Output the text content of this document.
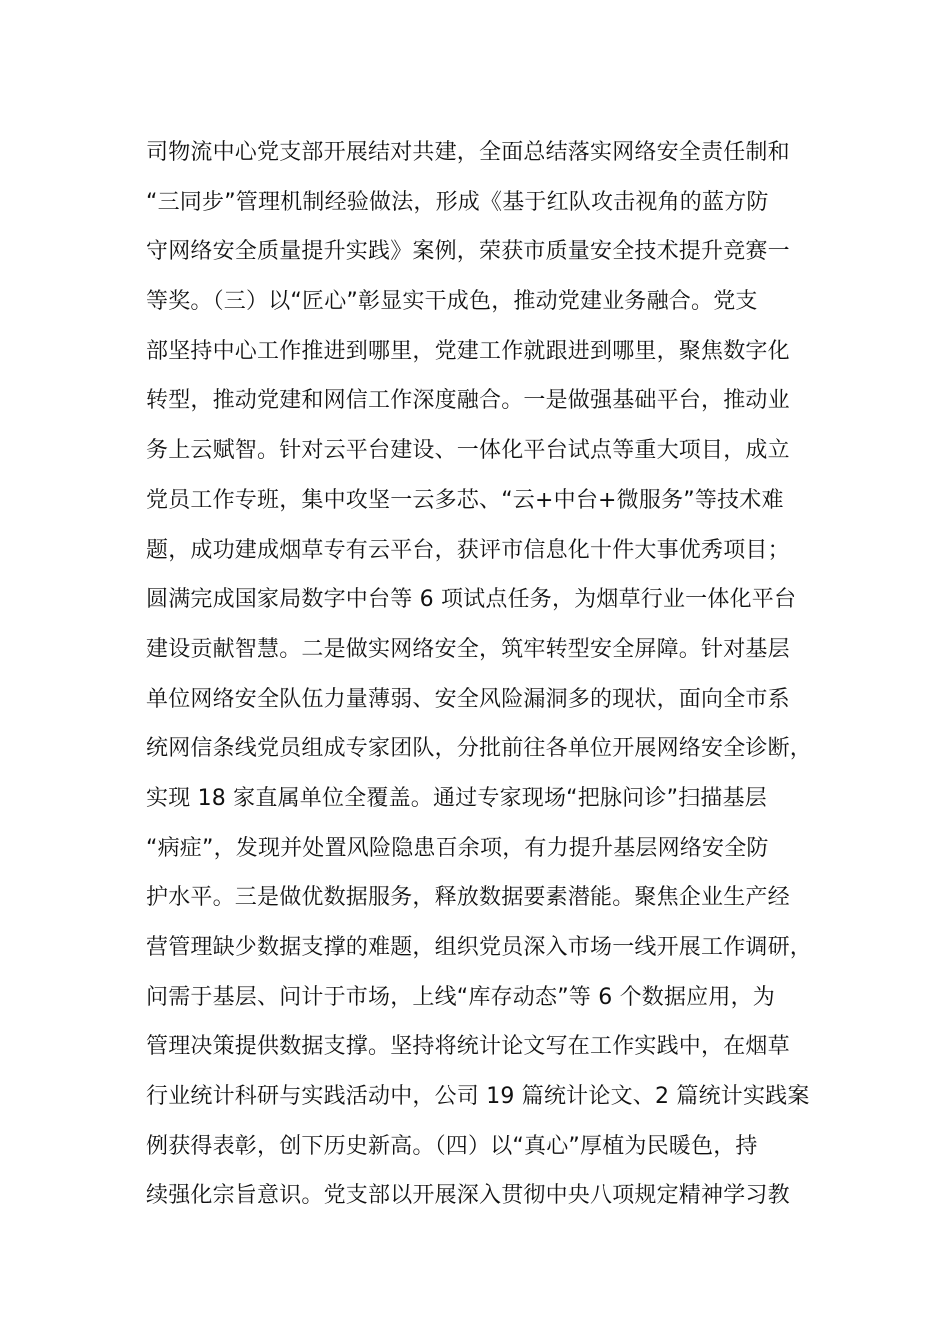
司物流中心党支部开展结对共建，全面总结落实网络安全责任制和
“三同步”管理机制经验做法，形成《基于红队攻击视角的蓝方防
守网络安全质量提升实践》案例，荣获市质量安全技术提升竞赛一
等奖。（三）以“匠心”彰显实干成色，推动党建业务融合。党支
部坚持中心工作推进到哪里，党建工作就跟进到哪里，聚焦数字化
转型，推动党建和网信工作深度融合。一是做强基础平台，推动业
务上云赋智。针对云平台建设、一体化平台试点等重大项目，成立
党员工作专班，集中攻坚一云多芯、“云+中台+微服务”等技术难
题，成功建成烟草专有云平台，获评市信息化十件大事优秀项目；
圆满完成国家局数字中台等 6 项试点任务，为烟草行业一体化平台
建设贡献智慧。二是做实网络安全，筑牢转型安全屏障。针对基层
单位网络安全队伍力量薄弱、安全风险漏洞多的现状，面向全市系
统网信条线党员组成专家团队，分批前往各单位开展网络安全诊断，
实现 18 家直属单位全覆盖。通过专家现场“把脉问诊”扫描基层
“病症”，发现并处置风险隐患百余项，有力提升基层网络安全防
护水平。三是做优数据服务，释放数据要素潜能。聚焦企业生产经
营管理缺少数据支撑的难题，组织党员深入市场一线开展工作调研，
问需于基层、问计于市场，上线“库存动态”等 6 个数据应用，为
管理决策提供数据支撑。坚持将统计论文写在工作实践中，在烟草
行业统计科研与实践活动中，公司 19 篇统计论文、2 篇统计实践案
例获得表彰，创下历史新高。（四）以“真心”厚植为民暖色，持
续强化宗旨意识。党支部以开展深入贯彻中央八项规定精神学习教
